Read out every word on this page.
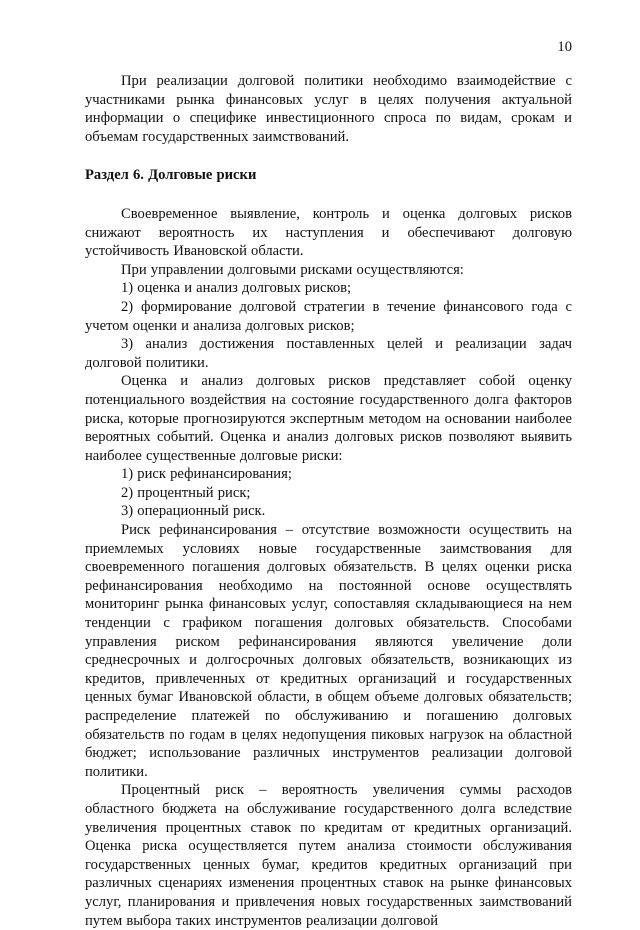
10

При реализации долговой политики необходимо взаимодействие с участниками рынка финансовых услуг в целях получения актуальной информации о специфике инвестиционного спроса по видам, срокам и объемам государственных заимствований.

Раздел 6. Долговые риски

Своевременное выявление, контроль и оценка долговых рисков снижают вероятность их наступления и обеспечивают долговую устойчивость Ивановской области.

При управлении долговыми рисками осуществляются:

1) оценка и анализ долговых рисков;

2) формирование долговой стратегии в течение финансового года с учетом оценки и анализа долговых рисков;

3) анализ достижения поставленных целей и реализации задач долговой политики.

Оценка и анализ долговых рисков представляет собой оценку потенциального воздействия на состояние государственного долга факторов риска, которые прогнозируются экспертным методом на основании наиболее вероятных событий. Оценка и анализ долговых рисков позволяют выявить наиболее существенные долговые риски:

1) риск рефинансирования;

2) процентный риск;

3) операционный риск.

Риск рефинансирования – отсутствие возможности осуществить на приемлемых условиях новые государственные заимствования для своевременного погашения долговых обязательств. В целях оценки риска рефинансирования необходимо на постоянной основе осуществлять мониторинг рынка финансовых услуг, сопоставляя складывающиеся на нем тенденции с графиком погашения долговых обязательств. Способами управления риском рефинансирования являются увеличение доли среднесрочных и долгосрочных долговых обязательств, возникающих из кредитов, привлеченных от кредитных организаций и государственных ценных бумаг Ивановской области, в общем объеме долговых обязательств; распределение платежей по обслуживанию и погашению долговых обязательств по годам в целях недопущения пиковых нагрузок на областной бюджет; использование различных инструментов реализации долговой политики.

Процентный риск – вероятность увеличения суммы расходов областного бюджета на обслуживание государственного долга вследствие увеличения процентных ставок по кредитам от кредитных организаций. Оценка риска осуществляется путем анализа стоимости обслуживания государственных ценных бумаг, кредитов кредитных организаций при различных сценариях изменения процентных ставок на рынке финансовых услуг, планирования и привлечения новых государственных заимствований путем выбора таких инструментов реализации долговой
